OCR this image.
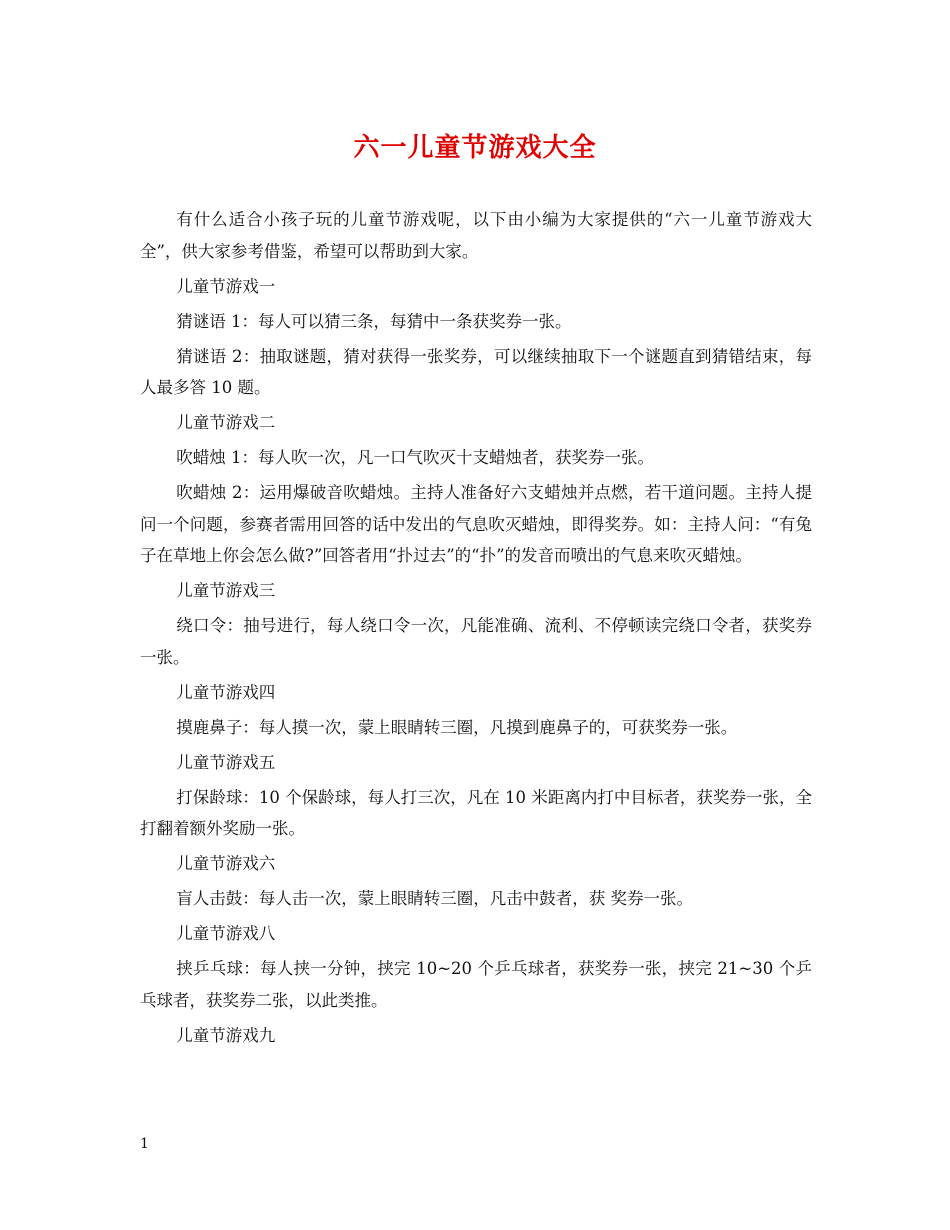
六一儿童节游戏大全

有什么适合小孩子玩的儿童节游戏呢，以下由小编为大家提供的“六一儿童节游戏大全”，供大家参考借鉴，希望可以帮助到大家。

儿童节游戏一

猜谜语 1：每人可以猜三条，每猜中一条获奖券一张。

猜谜语 2：抽取谜题，猜对获得一张奖券，可以继续抽取下一个谜题直到猜错结束，每人最多答 10 题。

儿童节游戏二

吹蜡烛 1：每人吹一次，凡一口气吹灭十支蜡烛者，获奖券一张。

吹蜡烛 2：运用爆破音吹蜡烛。主持人准备好六支蜡烛并点燃，若干道问题。主持人提问一个问题，参赛者需用回答的话中发出的气息吹灭蜡烛，即得奖券。如：主持人问：“有兔子在草地上你会怎么做?”回答者用“扑过去”的“扑”的发音而喷出的气息来吹灭蜡烛。

儿童节游戏三

绕口令：抽号进行，每人绕口令一次，凡能准确、流利、不停顿读完绕口令者，获奖券一张。

儿童节游戏四

摸鹿鼻子：每人摸一次，蒙上眼睛转三圈，凡摸到鹿鼻子的，可获奖券一张。

儿童节游戏五

打保龄球：10 个保龄球，每人打三次，凡在 10 米距离内打中目标者，获奖券一张，全打翻着额外奖励一张。

儿童节游戏六

盲人击鼓：每人击一次，蒙上眼睛转三圈，凡击中鼓者，获 奖券一张。

儿童节游戏八

挟乒乓球：每人挟一分钟，挟完 10~20 个乒乓球者，获奖券一张，挟完 21~30 个乒乓球者，获奖券二张，以此类推。

儿童节游戏九

1
